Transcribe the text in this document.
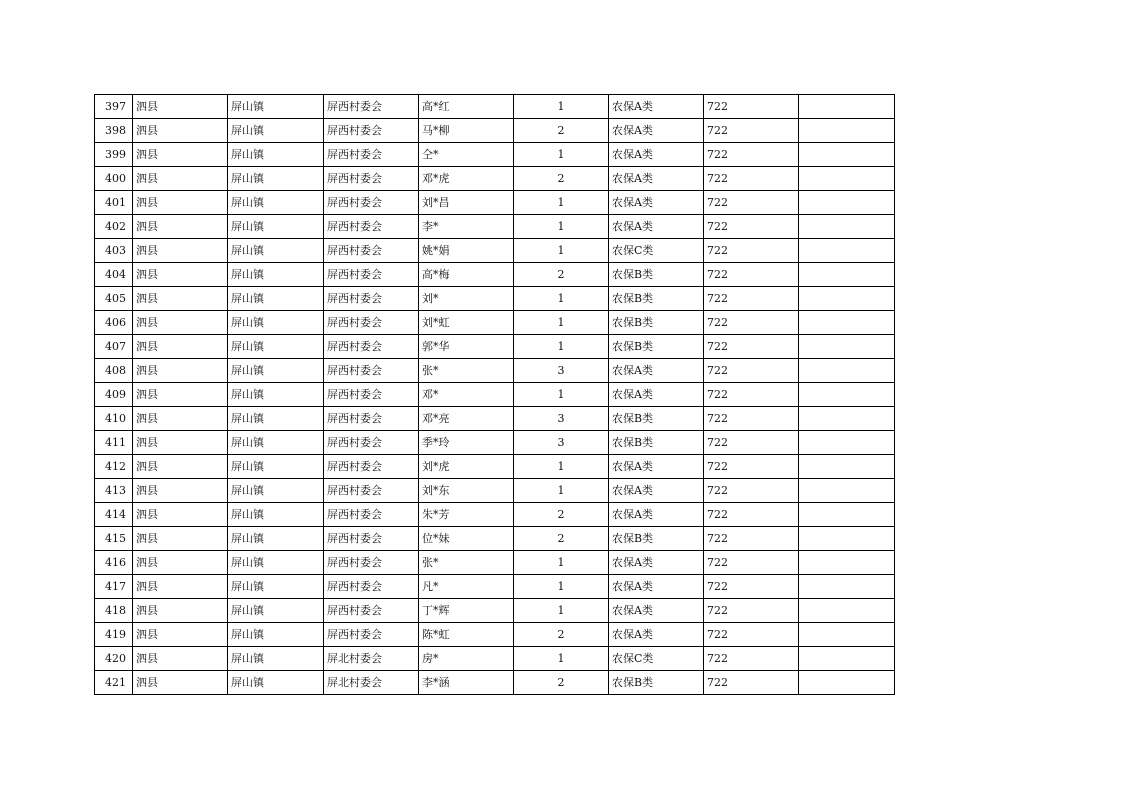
397	泗县	屏山镇	屏西村委会	高*红	1	农保A类	722	
398	泗县	屏山镇	屏西村委会	马*柳	2	农保A类	722	
399	泗县	屏山镇	屏西村委会	仝*	1	农保A类	722	
400	泗县	屏山镇	屏西村委会	邓*虎	2	农保A类	722	
401	泗县	屏山镇	屏西村委会	刘*昌	1	农保A类	722	
402	泗县	屏山镇	屏西村委会	李*	1	农保A类	722	
403	泗县	屏山镇	屏西村委会	姚*娟	1	农保C类	722	
404	泗县	屏山镇	屏西村委会	高*梅	2	农保B类	722	
405	泗县	屏山镇	屏西村委会	刘*	1	农保B类	722	
406	泗县	屏山镇	屏西村委会	刘*虹	1	农保B类	722	
407	泗县	屏山镇	屏西村委会	郭*华	1	农保B类	722	
408	泗县	屏山镇	屏西村委会	张*	3	农保A类	722	
409	泗县	屏山镇	屏西村委会	邓*	1	农保A类	722	
410	泗县	屏山镇	屏西村委会	邓*亮	3	农保B类	722	
411	泗县	屏山镇	屏西村委会	季*玲	3	农保B类	722	
412	泗县	屏山镇	屏西村委会	刘*虎	1	农保A类	722	
413	泗县	屏山镇	屏西村委会	刘*东	1	农保A类	722	
414	泗县	屏山镇	屏西村委会	朱*芳	2	农保A类	722	
415	泗县	屏山镇	屏西村委会	位*妹	2	农保B类	722	
416	泗县	屏山镇	屏西村委会	张*	1	农保A类	722	
417	泗县	屏山镇	屏西村委会	凡*	1	农保A类	722	
418	泗县	屏山镇	屏西村委会	丁*辉	1	农保A类	722	
419	泗县	屏山镇	屏西村委会	陈*虹	2	农保A类	722	
420	泗县	屏山镇	屏北村委会	房*	1	农保C类	722	
421	泗县	屏山镇	屏北村委会	李*涵	2	农保B类	722	
